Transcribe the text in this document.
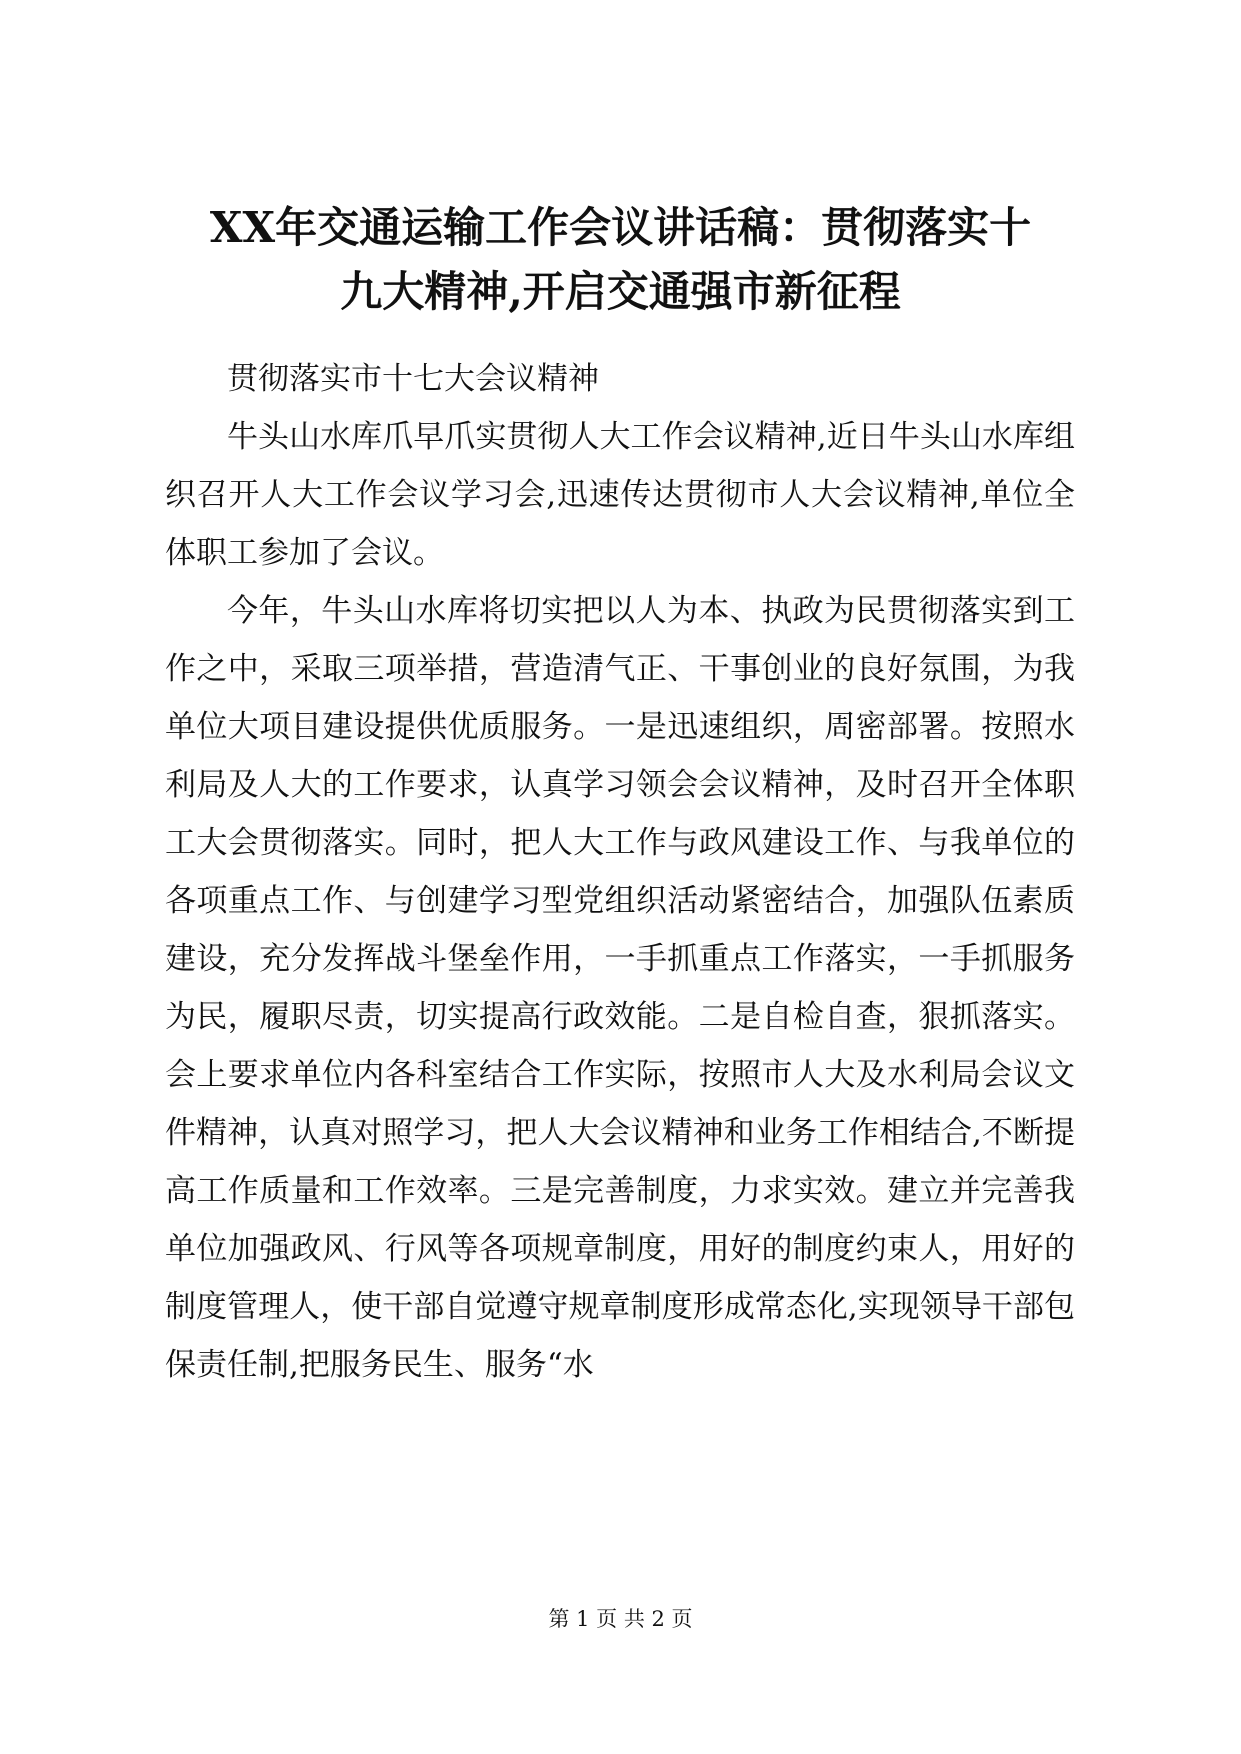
XX年交通运输工作会议讲话稿：贯彻落实十
九大精神,开启交通强市新征程

贯彻落实市十七大会议精神

牛头山水库爪早爪实贯彻人大工作会议精神,近日牛头山水库组织召开人大工作会议学习会,迅速传达贯彻市人大会议精神,单位全体职工参加了会议。

今年，牛头山水库将切实把以人为本、执政为民贯彻落实到工作之中，采取三项举措，营造清气正、干事创业的良好氛围，为我单位大项目建设提供优质服务。一是迅速组织，周密部署。按照水利局及人大的工作要求，认真学习领会会议精神，及时召开全体职工大会贯彻落实。同时，把人大工作与政风建设工作、与我单位的各项重点工作、与创建学习型党组织活动紧密结合，加强队伍素质建设，充分发挥战斗堡垒作用，一手抓重点工作落实，一手抓服务为民，履职尽责，切实提高行政效能。二是自检自查，狠抓落实。会上要求单位内各科室结合工作实际，按照市人大及水利局会议文件精神，认真对照学习，把人大会议精神和业务工作相结合,不断提高工作质量和工作效率。三是完善制度，力求实效。建立并完善我单位加强政风、行风等各项规章制度，用好的制度约束人，用好的制度管理人，使干部自觉遵守规章制度形成常态化,实现领导干部包保责任制,把服务民生、服务“水

第 1 页 共 2 页
